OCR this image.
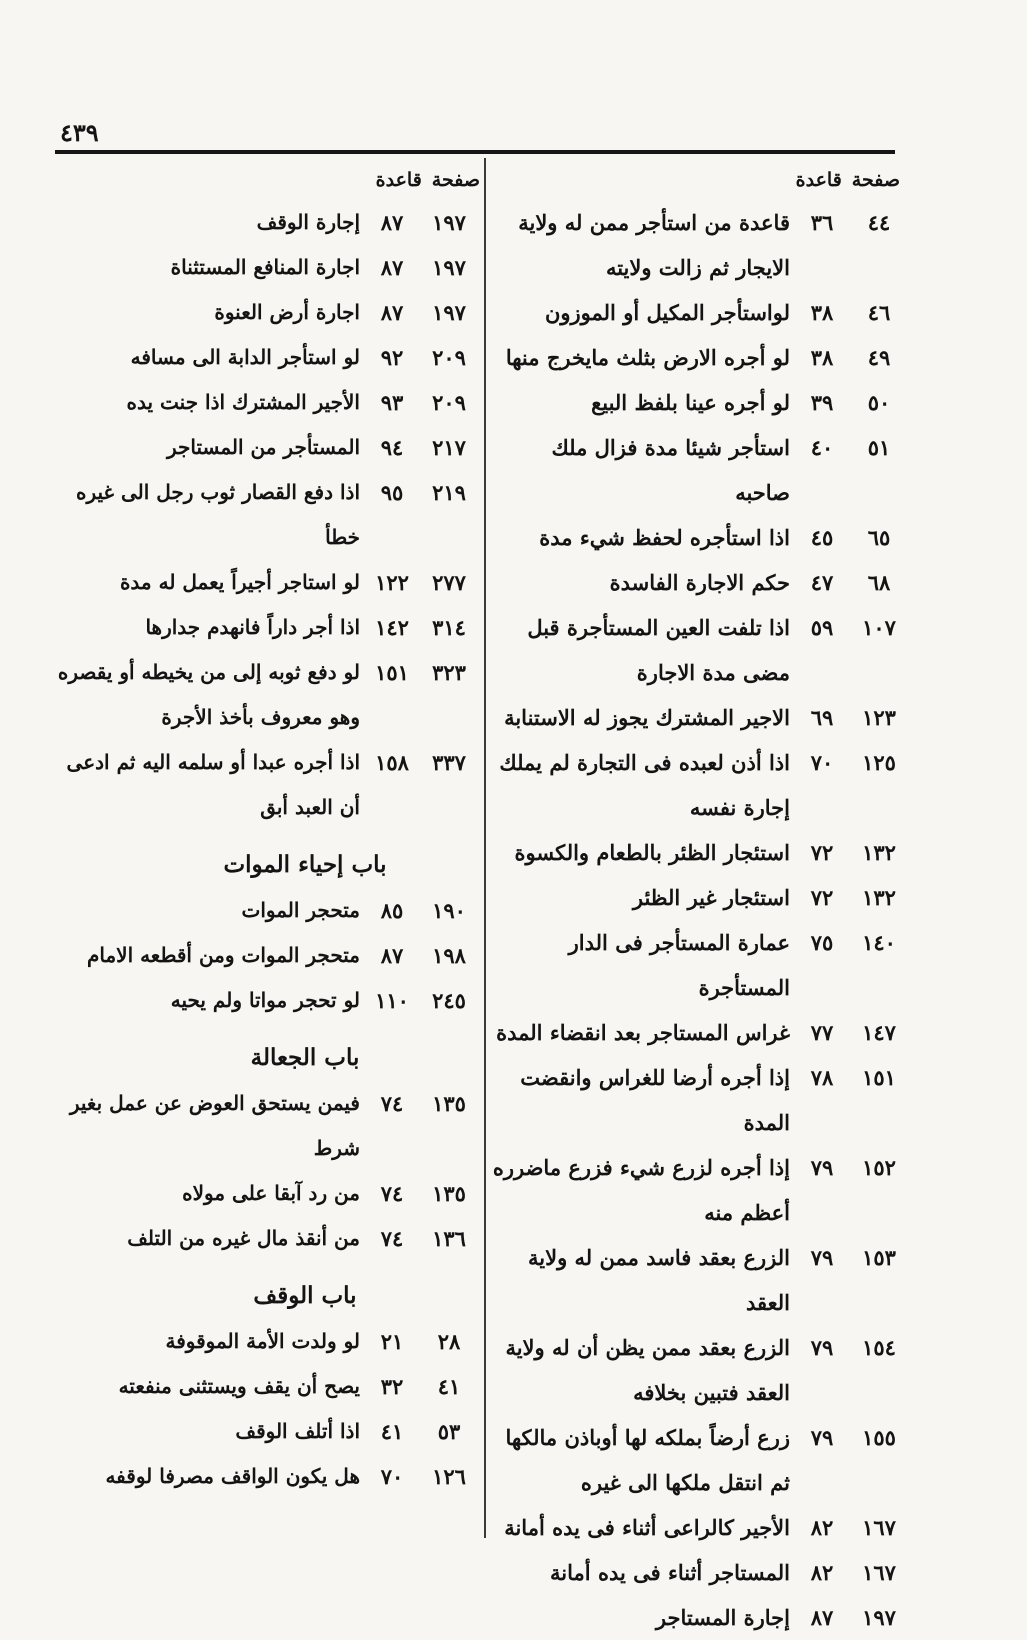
٤٣٩
صفحة
قاعدة
٤٤
٣٦
قاعدة من استأجر ممن له ولاية الايجار ثم زالت ولايته
٤٦
٣٨
لواستأجر المكيل أو الموزون
٤٩
٣٨
لو أجره الارض بثلث مايخرج منها
٥٠
٣٩
لو أجره عينا بلفظ البيع
٥١
٤٠
استأجر شيئا مدة فزال ملك صاحبه
٦٥
٤٥
اذا استأجره لحفظ شيء مدة
٦٨
٤٧
حكم الاجارة الفاسدة
١٠٧
٥٩
اذا تلفت العين المستأجرة قبل مضى مدة الاجارة
١٢٣
٦٩
الاجير المشترك يجوز له الاستنابة
١٢٥
٧٠
اذا أذن لعبده فى التجارة لم يملك إجارة نفسه
١٣٢
٧٢
استئجار الظئر بالطعام والكسوة
١٣٢
٧٢
استئجار غير الظئر
١٤٠
٧٥
عمارة المستأجر فى الدار المستأجرة
١٤٧
٧٧
غراس المستاجر بعد انقضاء المدة
١٥١
٧٨
إذا أجره أرضا للغراس وانقضت المدة
١٥٢
٧٩
إذا أجره لزرع شيء فزرع ماضرره أعظم منه
١٥٣
٧٩
الزرع بعقد فاسد ممن له ولاية العقد
١٥٤
٧٩
الزرع بعقد ممن يظن أن له ولاية العقد فتبين بخلافه
١٥٥
٧٩
زرع أرضاً بملكه لها أوباذن مالكها ثم انتقل ملكها الى غيره
١٦٧
٨٢
الأجير كالراعى أثناء فى يده أمانة
١٦٧
٨٢
المستاجر أثناء فى يده أمانة
١٩٧
٨٧
إجارة المستاجر
صفحة
قاعدة
١٩٧
٨٧
إجارة الوقف
١٩٧
٨٧
اجارة المنافع المستثناة
١٩٧
٨٧
اجارة أرض العنوة
٢٠٩
٩٢
لو استأجر الدابة الى مسافه
٢٠٩
٩٣
الأجير المشترك اذا جنت يده
٢١٧
٩٤
المستأجر من المستاجر
٢١٩
٩٥
اذا دفع القصار ثوب رجل الى غيره خطأ
٢٧٧
١٢٢
لو استاجر أجيراً يعمل له مدة
٣١٤
١٤٢
اذا أجر داراً فانهدم جدارها
٣٢٣
١٥١
لو دفع ثوبه إلى من يخيطه أو يقصره وهو معروف بأخذ الأجرة
٣٣٧
١٥٨
اذا أجره عبدا أو سلمه اليه ثم ادعى أن العبد أبق
باب إحياء الموات
١٩٠
٨٥
متحجر الموات
١٩٨
٨٧
متحجر الموات ومن أقطعه الامام
٢٤٥
١١٠
لو تحجر مواتا ولم يحيه
باب الجعالة
١٣٥
٧٤
فيمن يستحق العوض عن عمل بغير شرط
١٣٥
٧٤
من رد آبقا على مولاه
١٣٦
٧٤
من أنقذ مال غيره من التلف
باب الوقف
٢٨
٢١
لو ولدت الأمة الموقوفة
٤١
٣٢
يصح أن يقف ويستثنى منفعته
٥٣
٤١
اذا أتلف الوقف
١٢٦
٧٠
هل يكون الواقف مصرفا لوقفه
